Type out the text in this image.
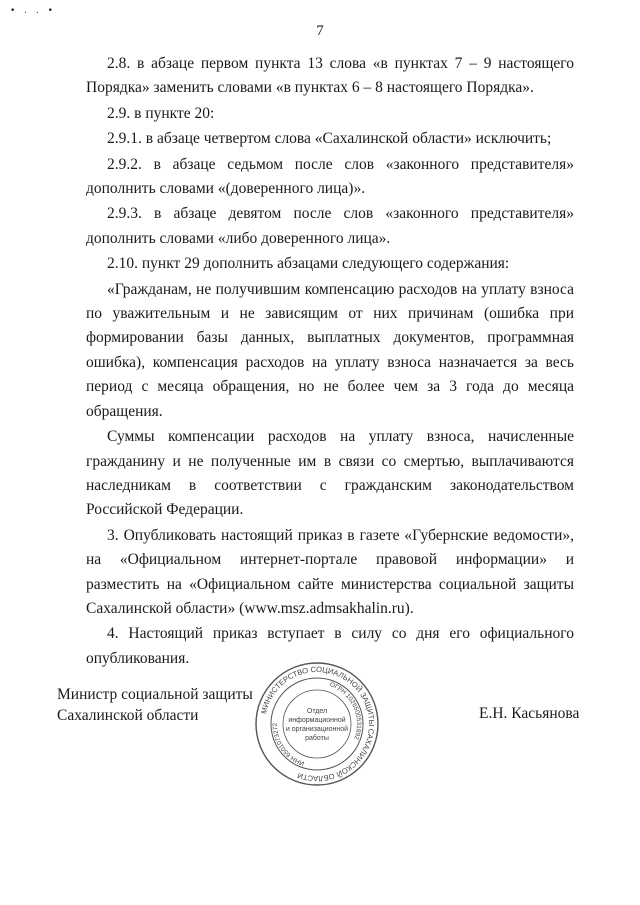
• . . •
7

2.8. в абзаце первом пункта 13 слова «в пунктах 7 – 9 настоящего Порядка» заменить словами «в пунктах 6 – 8 настоящего Порядка».

2.9. в пункте 20:

2.9.1. в абзаце четвертом слова «Сахалинской области» исключить;

2.9.2. в абзаце седьмом после слов «законного представителя» дополнить словами «(доверенного лица)».

2.9.3. в абзаце девятом после слов «законного представителя» дополнить словами «либо доверенного лица».

2.10. пункт 29 дополнить абзацами следующего содержания:

«Гражданам, не получившим компенсацию расходов на уплату взноса по уважительным и не зависящим от них причинам (ошибка при формировании базы данных, выплатных документов, программная ошибка), компенсация расходов на уплату взноса назначается за весь период с месяца обращения, но не более чем за 3 года до месяца обращения.

Суммы компенсации расходов на уплату взноса, начисленные гражданину и не полученные им в связи со смертью, выплачиваются наследникам в соответствии с гражданским законодательством Российской Федерации.

3. Опубликовать настоящий приказ в газете «Губернские ведомости», на «Официальном интернет-портале правовой информации» и разместить на «Официальном сайте министерства социальной защиты Сахалинской области» (www.msz.admsakhalin.ru).

4. Настоящий приказ вступает в силу со дня его официального опубликования.

Министр социальной защиты
Сахалинской области	МИНИСТЕРСТВО СОЦИАЛЬНОЙ ЗАЩИТЫ САХАЛИНСКОЙ ОБЛАСТИ
ОГРН 1026500531892
ИНН 6501073272
Отдел
информационной
и организационной
работы
Е.Н. Касьянова
